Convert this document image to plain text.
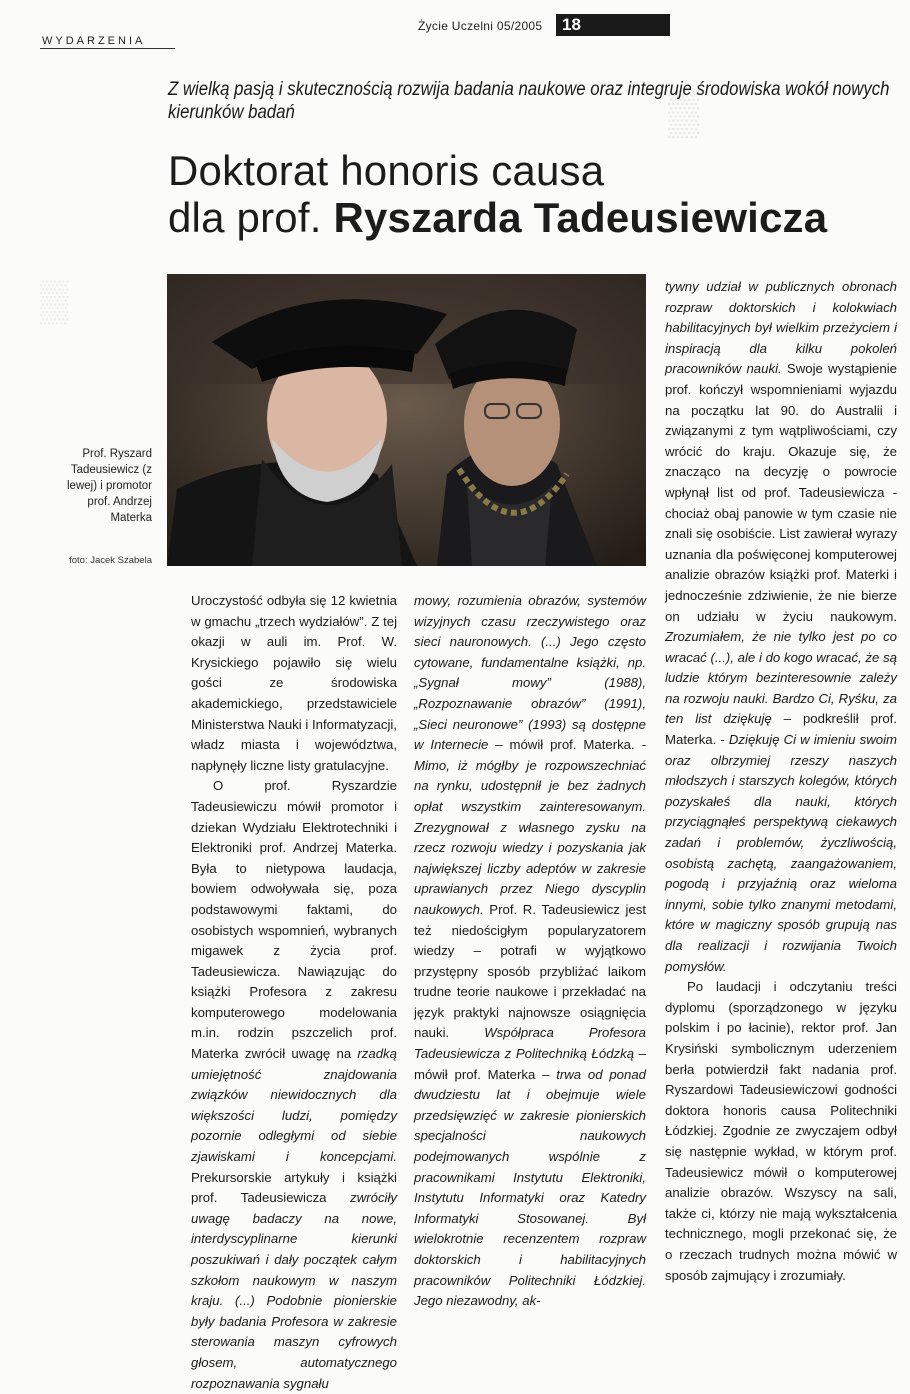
▒
▒
Życie Uczelni 05/2005	18
WYDARZENIA
Z wielką pasją i skutecznością rozwija badania naukowe oraz integruje środowiska wokół nowych kierunków badań
Doktorat honoris causa
dla prof. Ryszarda Tadeusiewicza
Prof. Ryszard Tadeusiewicz (z lewej) i promotor prof. Andrzej Materka
foto: Jacek Szabela

Uroczystość odbyła się 12 kwietnia w gmachu „trzech wydziałów”. Z tej okazji w auli im. Prof. W. Krysickiego pojawiło się wielu gości ze środowiska akademickiego, przedstawiciele Ministerstwa Nauki i Informatyzacji, władz miasta i województwa, napłynęły liczne listy gratulacyjne.

O prof. Ryszardzie Tadeusiewiczu mówił promotor i dziekan Wydziału Elektrotechniki i Elektroniki prof. Andrzej Materka. Była to nietypowa laudacja, bowiem odwoływała się, poza podstawowymi faktami, do osobistych wspomnień, wybranych migawek z życia prof. Tadeusiewicza. Nawiązując do książki Profesora z zakresu komputerowego modelowania m.in. rodzin pszczelich prof. Materka zwrócił uwagę na rzadką umiejętność znajdowania związków niewidocznych dla większości ludzi, pomiędzy pozornie odległymi od siebie zjawiskami i koncepcjami. Prekursorskie artykuły i książki prof. Tadeusiewicza zwróciły uwagę badaczy na nowe, interdyscyplinarne kierunki poszukiwań i dały początek całym szkołom naukowym w naszym kraju. (...) Podobnie pionierskie były badania Profesora w zakresie sterowania maszyn cyfrowych głosem, automatycznego rozpoznawania sygnału

mowy, rozumienia obrazów, systemów wizyjnych czasu rzeczywistego oraz sieci nauronowych. (...) Jego często cytowane, fundamentalne książki, np. „Sygnał mowy” (1988), „Rozpoznawanie obrazów” (1991), „Sieci neuronowe” (1993) są dostępne w Internecie – mówił prof. Materka. - Mimo, iż mógłby je rozpowszechniać na rynku, udostępnił je bez żadnych opłat wszystkim zainteresowanym. Zrezygnował z własnego zysku na rzecz rozwoju wiedzy i pozyskania jak największej liczby adeptów w zakresie uprawianych przez Niego dyscyplin naukowych. Prof. R. Tadeusiewicz jest też niedościgłym popularyzatorem wiedzy – potrafi w wyjątkowo przystępny sposób przybliżać laikom trudne teorie naukowe i przekładać na język praktyki najnowsze osiągnięcia nauki. Współpraca Profesora Tadeusiewicza z Politechniką Łódzką – mówił prof. Materka – trwa od ponad dwudziestu lat i obejmuje wiele przedsięwzięć w zakresie pionierskich specjalności naukowych podejmowanych wspólnie z pracownikami Instytutu Elektroniki, Instytutu Informatyki oraz Katedry Informatyki Stosowanej. Był wielokrotnie recenzentem rozpraw doktorskich i habilitacyjnych pracowników Politechniki Łódzkiej. Jego niezawodny, ak-

tywny udział w publicznych obronach rozpraw doktorskich i kolokwiach habilitacyjnych był wielkim przeżyciem i inspiracją dla kilku pokoleń pracowników nauki. Swoje wystąpienie prof. kończył wspomnieniami wyjazdu na początku lat 90. do Australii i związanymi z tym wątpliwościami, czy wrócić do kraju. Okazuje się, że znacząco na decyzję o powrocie wpłynął list od prof. Tadeusiewicza - chociaż obaj panowie w tym czasie nie znali się osobiście. List zawierał wyrazy uznania dla poświęconej komputerowej analizie obrazów książki prof. Materki i jednocześnie zdziwienie, że nie bierze on udziału w życiu naukowym. Zrozumiałem, że nie tylko jest po co wracać (...), ale i do kogo wracać, że są ludzie którym bezinteresownie zależy na rozwoju nauki. Bardzo Ci, Ryśku, za ten list dziękuję – podkreślił prof. Materka. - Dziękuję Ci w imieniu swoim oraz olbrzymiej rzeszy naszych młodszych i starszych kolegów, których pozyskałeś dla nauki, których przyciągnąłeś perspektywą ciekawych zadań i problemów, życzliwością, osobistą zachętą, zaangażowaniem, pogodą i przyjaźnią oraz wieloma innymi, sobie tylko znanymi metodami, które w magiczny sposób grupują nas dla realizacji i rozwijania Twoich pomysłów.

Po laudacji i odczytaniu treści dyplomu (sporządzonego w języku polskim i po łacinie), rektor prof. Jan Krysiński symbolicznym uderzeniem berła potwierdził fakt nadania prof. Ryszardowi Tadeusiewiczowi godności doktora honoris causa Politechniki Łódzkiej. Zgodnie ze zwyczajem odbył się następnie wykład, w którym prof. Tadeusiewicz mówił o komputerowej analizie obrazów. Wszyscy na sali, także ci, którzy nie mają wykształcenia technicznego, mogli przekonać się, że o rzeczach trudnych można mówić w sposób zajmujący i zrozumiały.
